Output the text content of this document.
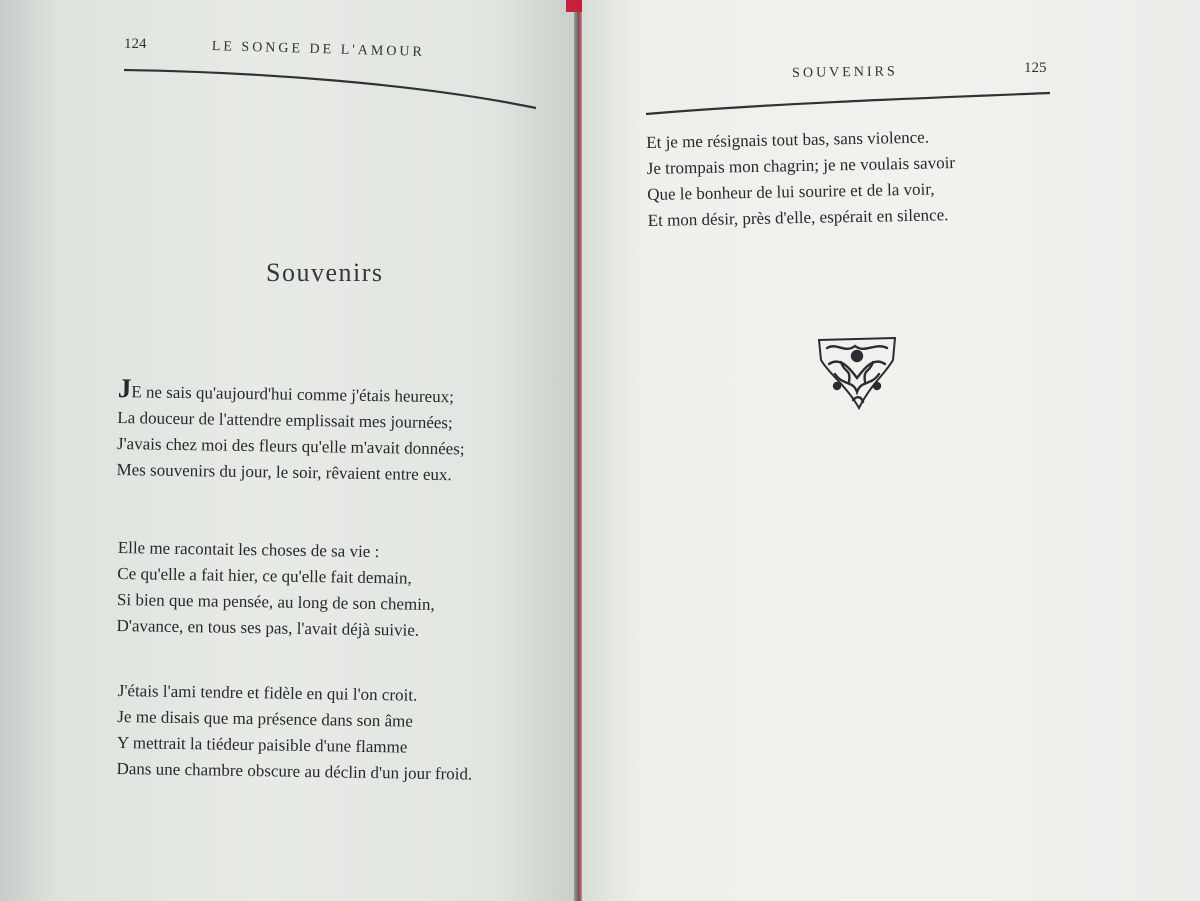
124	LE SONGE DE L'AMOUR
Souvenirs
JE ne sais qu'aujourd'hui comme j'étais heureux;
La douceur de l'attendre emplissait mes journées;
J'avais chez moi des fleurs qu'elle m'avait données;
Mes souvenirs du jour, le soir, rêvaient entre eux.
Elle me racontait les choses de sa vie :
Ce qu'elle a fait hier, ce qu'elle fait demain,
Si bien que ma pensée, au long de son chemin,
D'avance, en tous ses pas, l'avait déjà suivie.
J'étais l'ami tendre et fidèle en qui l'on croit.
Je me disais que ma présence dans son âme
Y mettrait la tiédeur paisible d'une flamme
Dans une chambre obscure au déclin d'un jour froid.
SOUVENIRS	125
Et je me résignais tout bas, sans violence.
Je trompais mon chagrin; je ne voulais savoir
Que le bonheur de lui sourire et de la voir,
Et mon désir, près d'elle, espérait en silence.
